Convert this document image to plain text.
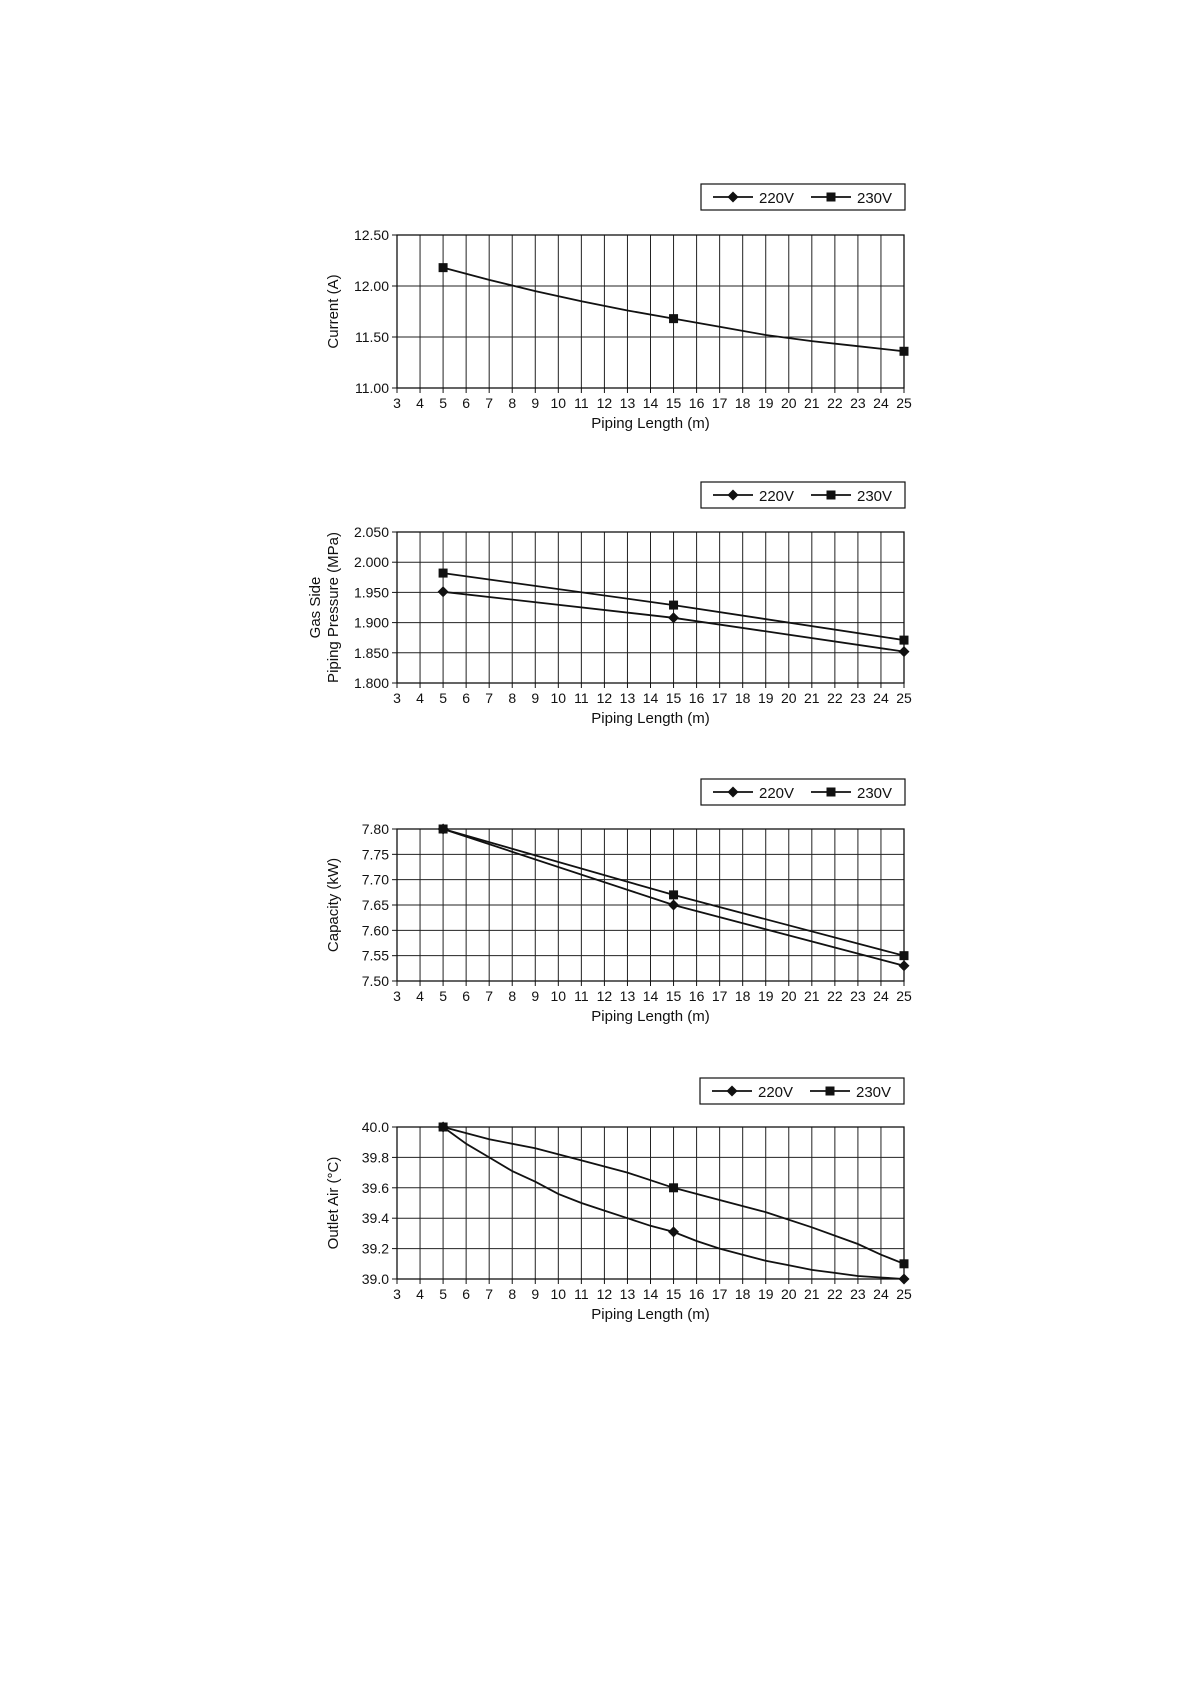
3 4 5 6 7 8 9 10 11 12 13 14 15 16 17 18 19 20 21 22 23 24 25
11.00
11.50
12.00
12.50
Piping Length (m)
Current (A)
220V	230V
3 4 5 6 7 8 9 10 11 12 13 14 15 16 17 18 19 20 21 22 23 24 25
1.800
1.850
1.900
1.950
2.000
2.050
Piping Length (m)
Gas Side Piping Pressure (MPa)
220V	230V
3 4 5 6 7 8 9 10 11 12 13 14 15 16 17 18 19 20 21 22 23 24 25
7.50
7.55
7.60
7.65
7.70
7.75
7.80
Piping Length (m)
Capacity (kW)
220V	230V
3 4 5 6 7 8 9 10 11 12 13 14 15 16 17 18 19 20 21 22 23 24 25
39.0
39.2
39.4
39.6
39.8
40.0
Piping Length (m)
Outlet Air (°C)
220V	230V
